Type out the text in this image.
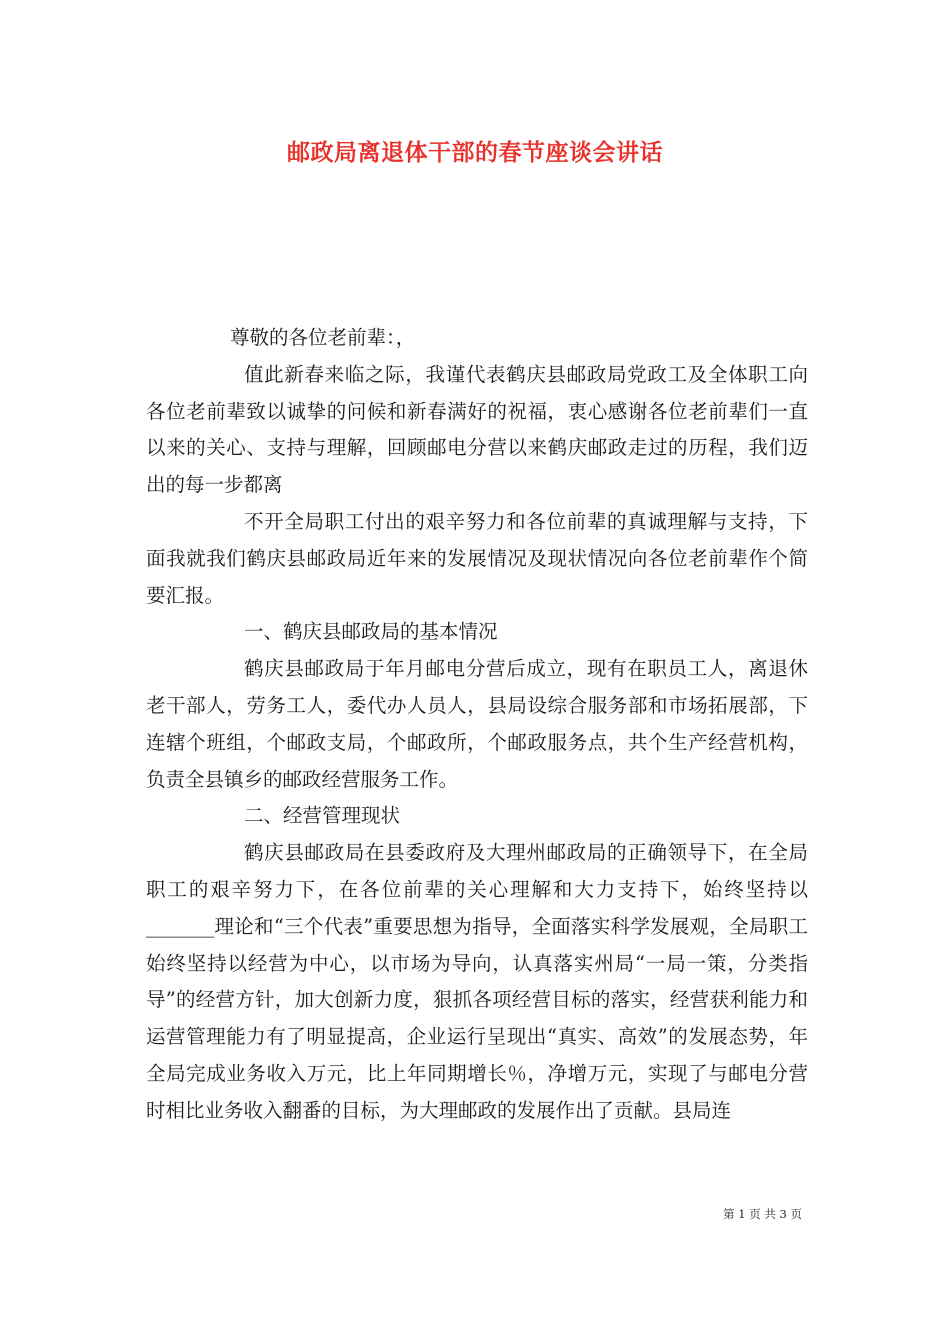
邮政局离退体干部的春节座谈会讲话

尊敬的各位老前辈：，

值此新春来临之际，我谨代表鹤庆县邮政局党政工及全体职工向各位老前辈致以诚挚的问候和新春满好的祝福，衷心感谢各位老前辈们一直以来的关心、支持与理解，回顾邮电分营以来鹤庆邮政走过的历程，我们迈出的每一步都离

不开全局职工付出的艰辛努力和各位前辈的真诚理解与支持，下面我就我们鹤庆县邮政局近年来的发展情况及现状情况向各位老前辈作个简要汇报。

一、鹤庆县邮政局的基本情况

鹤庆县邮政局于年月邮电分营后成立，现有在职员工人，离退休老干部人，劳务工人，委代办人员人，县局设综合服务部和市场拓展部，下连辖个班组，个邮政支局，个邮政所，个邮政服务点，共个生产经营机构，负责全县镇乡的邮政经营服务工作。

二、经营管理现状

鹤庆县邮政局在县委政府及大理州邮政局的正确领导下，在全局职工的艰辛努力下，在各位前辈的关心理解和大力支持下，始终坚持以_______理论和“三个代表”重要思想为指导，全面落实科学发展观，全局职工始终坚持以经营为中心，以市场为导向，认真落实州局“一局一策，分类指导”的经营方针，加大创新力度，狠抓各项经营目标的落实，经营获利能力和运营管理能力有了明显提高，企业运行呈现出“真实、高效”的发展态势，年全局完成业务收入万元，比上年同期增长％，净增万元，实现了与邮电分营时相比业务收入翻番的目标，为大理邮政的发展作出了贡献。县局连

第 1 页 共 3 页
